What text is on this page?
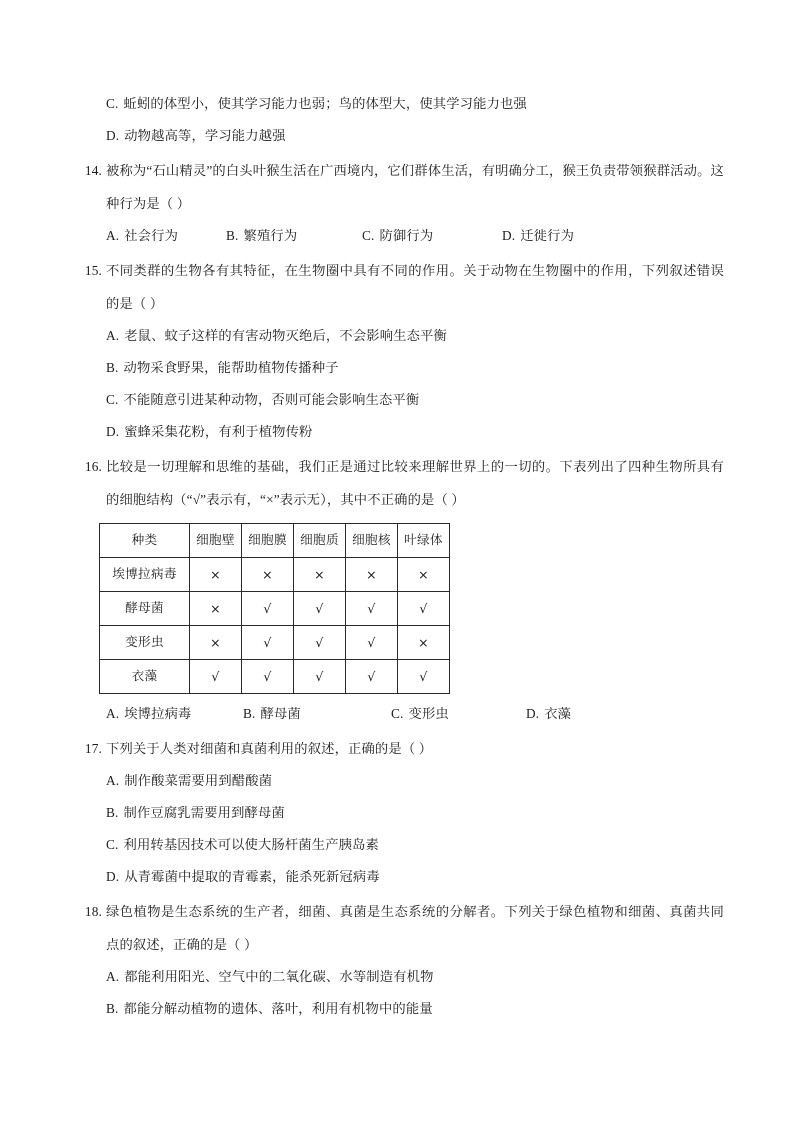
C. 蚯蚓的体型小，使其学习能力也弱；鸟的体型大，使其学习能力也强
D. 动物越高等，学习能力越强
14. 被称为“石山精灵”的白头叶猴生活在广西境内，它们群体生活，有明确分工，猴王负责带领猴群活动。这种行为是（ ）
A. 社会行为	B. 繁殖行为	C. 防御行为	D. 迁徙行为
15. 不同类群的生物各有其特征，在生物圈中具有不同的作用。关于动物在生物圈中的作用，下列叙述错误的是（ ）
A. 老鼠、蚊子这样的有害动物灭绝后，不会影响生态平衡
B. 动物采食野果，能帮助植物传播种子
C. 不能随意引进某种动物，否则可能会影响生态平衡
D. 蜜蜂采集花粉，有利于植物传粉
16. 比较是一切理解和思维的基础，我们正是通过比较来理解世界上的一切的。下表列出了四种生物所具有的细胞结构（“√”表示有，“×”表示无），其中不正确的是（ ）
种类	细胞壁	细胞膜	细胞质	细胞核	叶绿体
埃博拉病毒	×	×	×	×	×
酵母菌	×	√	√	√	√
变形虫	×	√	√	√	×
衣藻	√	√	√	√	√
A. 埃博拉病毒	B. 酵母菌	C. 变形虫	D. 衣藻
17. 下列关于人类对细菌和真菌利用的叙述，正确的是（ ）
A. 制作酸菜需要用到醋酸菌
B. 制作豆腐乳需要用到酵母菌
C. 利用转基因技术可以使大肠杆菌生产胰岛素
D. 从青霉菌中提取的青霉素，能杀死新冠病毒
18. 绿色植物是生态系统的生产者，细菌、真菌是生态系统的分解者。下列关于绿色植物和细菌、真菌共同点的叙述，正确的是（ ）
A. 都能利用阳光、空气中的二氧化碳、水等制造有机物
B. 都能分解动植物的遗体、落叶，利用有机物中的能量
